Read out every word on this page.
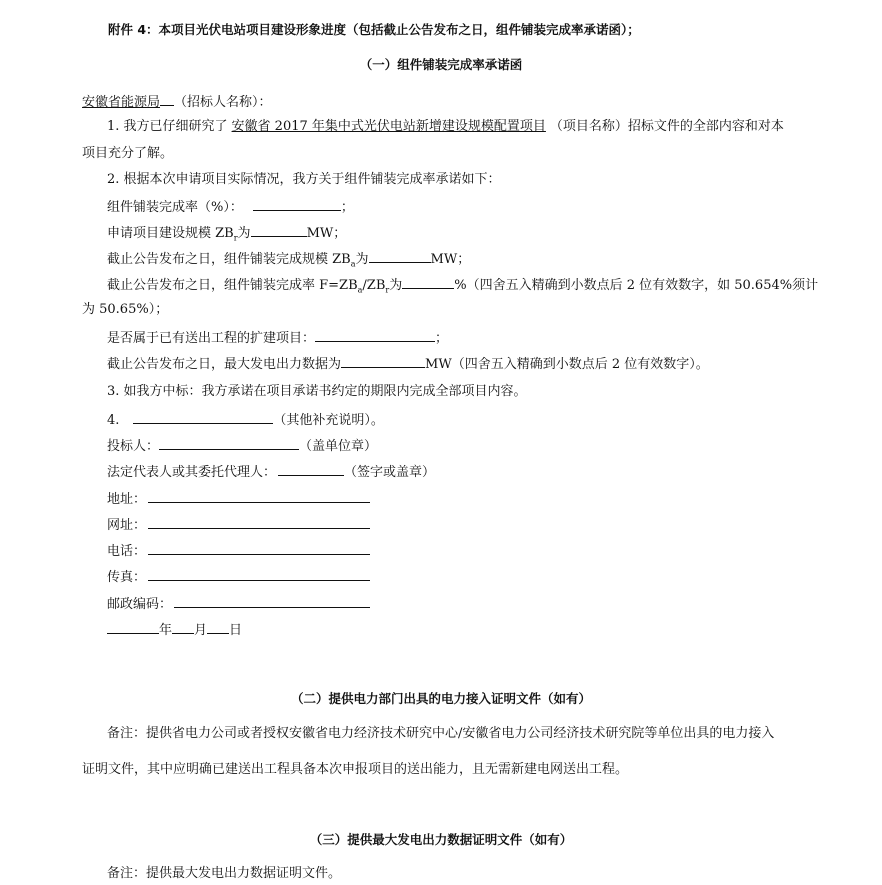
附件 4：本项目光伏电站项目建设形象进度（包括截止公告发布之日，组件铺装完成率承诺函）；
（一）组件铺装完成率承诺函
安徽省能源局 （招标人名称）：
1. 我方已仔细研究了 安徽省 2017 年集中式光伏电站新增建设规模配置项目 （项目名称）招标文件的全部内容和对本
项目充分了解。
2. 根据本次申请项目实际情况，我方关于组件铺装完成率承诺如下：
组件铺装完成率（%）：	；
申请项目建设规模 $ZB_r$为	MW；
截止公告发布之日，组件铺装完成规模 $ZB_a$为	MW；
截止公告发布之日，组件铺装完成率 $F=ZB_a/ZB_r$为	%（四舍五入精确到小数点后 2 位有效数字，如 50.654%须计
为 50.65%）；
是否属于已有送出工程的扩建项目：	；
截止公告发布之日，最大发电出力数据为	MW（四舍五入精确到小数点后 2 位有效数字）。
3. 如我方中标：我方承诺在项目承诺书约定的期限内完成全部项目内容。
4.	（其他补充说明）。
投标人：	（盖单位章）
法定代表人或其委托代理人：	（签字或盖章）
地址：
网址：
电话：
传真：
邮政编码：
年 月 日
（二）提供电力部门出具的电力接入证明文件（如有）
备注：提供省电力公司或者授权安徽省电力经济技术研究中心/安徽省电力公司经济技术研究院等单位出具的电力接入
证明文件，其中应明确已建送出工程具备本次申报项目的送出能力，且无需新建电网送出工程。
（三）提供最大发电出力数据证明文件（如有）
备注：提供最大发电出力数据证明文件。
